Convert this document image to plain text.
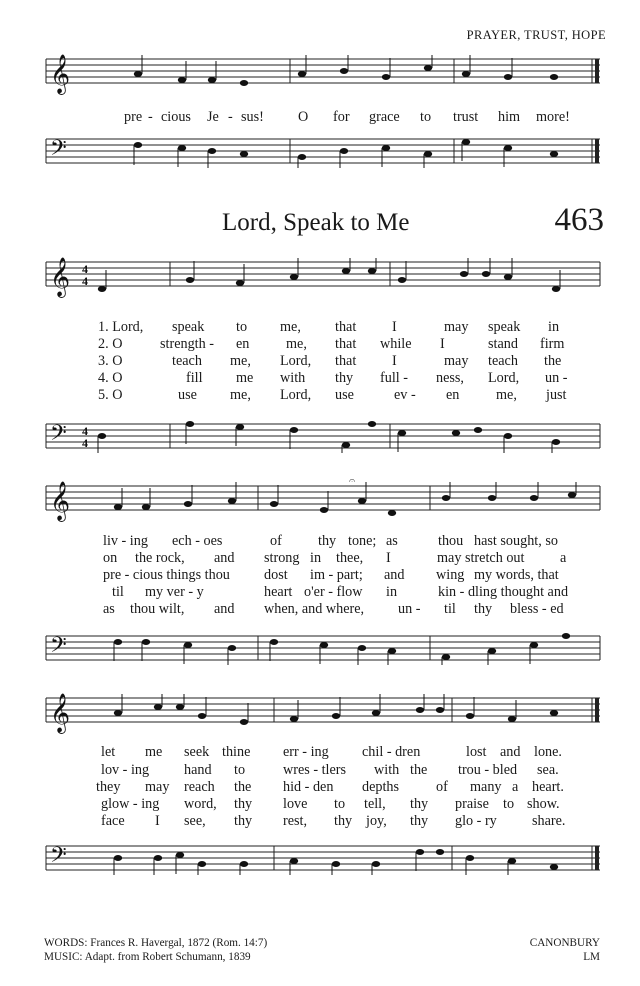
PRAYER, TRUST, HOPE
𝄞
pre - cious Je - sus! O for grace to trust him more!
𝄢
Lord, Speak to Me	463
𝄞 4
4
1. Lord, speak to me, that	I	may speak in
2. O	strength - en	me, that while I	stand firm
3. O	teach me, Lord, that	I	may teach the
4. O	fill me with thy full - ness, Lord, un -
5. O	use me, Lord, use	ev - en	me, just
𝄢 4
4
𝄞	𝄐
liv - ing ech - oes	of	thy tone; as	thou hast sought, so
on the rock, and strong in thee, I	may stretch out	a
pre - cious things thou dost im - part; and wing my words, that
til my ver - y	heart o'er - flow in	kin - dling thought and
as thou wilt, and when, and where, un - til thy bless - ed
𝄢
𝄞
let me seek thine err - ing chil - dren	lost and lone.
lov - ing hand to	wres - tlers with the trou - bled sea.
they may reach the hid - den depths	of many a heart.
glow - ing word, thy love to tell, thy praise to show.
face I see, thy rest, thy joy, thy glo - ry share.
𝄢
WORDS: Frances R. Havergal, 1872 (Rom. 14:7)
MUSIC: Adapt. from Robert Schumann, 1839
CANONBURY
LM
